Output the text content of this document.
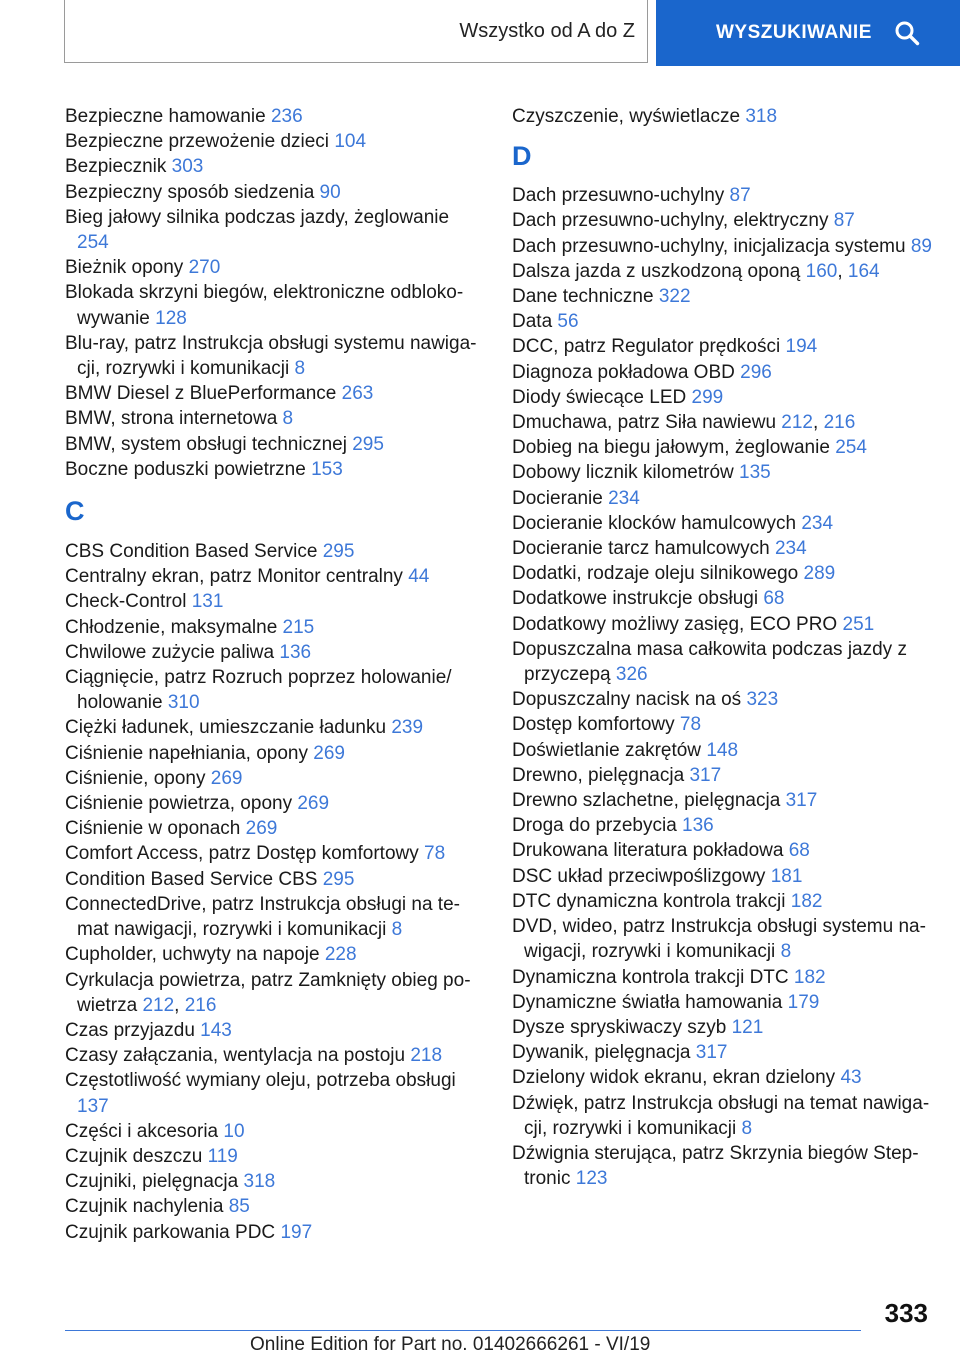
Wszystko od A do Z	WYSZUKIWANIE

Bezpieczne hamowanie 236

Bezpieczne przewożenie dzieci 104

Bezpiecznik 303

Bezpieczny sposób siedzenia 90

Bieg jałowy silnika podczas jazdy, żeglowanie 254

Bieżnik opony 270

Blokada skrzyni biegów, elektroniczne odblokowywanie 128

Blu-ray, patrz Instrukcja obsługi systemu nawigacji, rozrywki i komunikacji 8

BMW Diesel z BluePerformance 263

BMW, strona internetowa 8

BMW, system obsługi technicznej 295

Boczne poduszki powietrzne 153

C

CBS Condition Based Service 295

Centralny ekran, patrz Monitor centralny 44

Check-Control 131

Chłodzenie, maksymalne 215

Chwilowe zużycie paliwa 136

Ciągnięcie, patrz Rozruch poprzez holowanie/​holowanie 310

Ciężki ładunek, umieszczanie ładunku 239

Ciśnienie napełniania, opony 269

Ciśnienie, opony 269

Ciśnienie powietrza, opony 269

Ciśnienie w oponach 269

Comfort Access, patrz Dostęp komfortowy 78

Condition Based Service CBS 295

ConnectedDrive, patrz Instrukcja obsługi na temat nawigacji, rozrywki i komunikacji 8

Cupholder, uchwyty na napoje 228

Cyrkulacja powietrza, patrz Zamknięty obieg powietrza 212, 216

Czas przyjazdu 143

Czasy załączania, wentylacja na postoju 218

Częstotliwość wymiany oleju, potrzeba obsługi 137

Części i akcesoria 10

Czujnik deszczu 119

Czujniki, pielęgnacja 318

Czujnik nachylenia 85

Czujnik parkowania PDC 197

Czyszczenie, wyświetlacze 318

D

Dach przesuwno-uchylny 87

Dach przesuwno-uchylny, elektryczny 87

Dach przesuwno-uchylny, inicjalizacja systemu 89

Dalsza jazda z uszkodzoną oponą 160, 164

Dane techniczne 322

Data 56

DCC, patrz Regulator prędkości 194

Diagnoza pokładowa OBD 296

Diody świecące LED 299

Dmuchawa, patrz Siła nawiewu 212, 216

Dobieg na biegu jałowym, żeglowanie 254

Dobowy licznik kilometrów 135

Docieranie 234

Docieranie klocków hamulcowych 234

Docieranie tarcz hamulcowych 234

Dodatki, rodzaje oleju silnikowego 289

Dodatkowe instrukcje obsługi 68

Dodatkowy możliwy zasięg, ECO PRO 251

Dopuszczalna masa całkowita podczas jazdy z przyczepą 326

Dopuszczalny nacisk na oś 323

Dostęp komfortowy 78

Doświetlanie zakrętów 148

Drewno, pielęgnacja 317

Drewno szlachetne, pielęgnacja 317

Droga do przebycia 136

Drukowana literatura pokładowa 68

DSC układ przeciwpoślizgowy 181

DTC dynamiczna kontrola trakcji 182

DVD, wideo, patrz Instrukcja obsługi systemu nawigacji, rozrywki i komunikacji 8

Dynamiczna kontrola trakcji DTC 182

Dynamiczne światła hamowania 179

Dysze spryskiwaczy szyb 121

Dywanik, pielęgnacja 317

Dzielony widok ekranu, ekran dzielony 43

Dźwięk, patrz Instrukcja obsługi na temat nawigacji, rozrywki i komunikacji 8

Dźwignia sterująca, patrz Skrzynia biegów Steptronic 123

333
Online Edition for Part no. 01402666261 - VI/19
